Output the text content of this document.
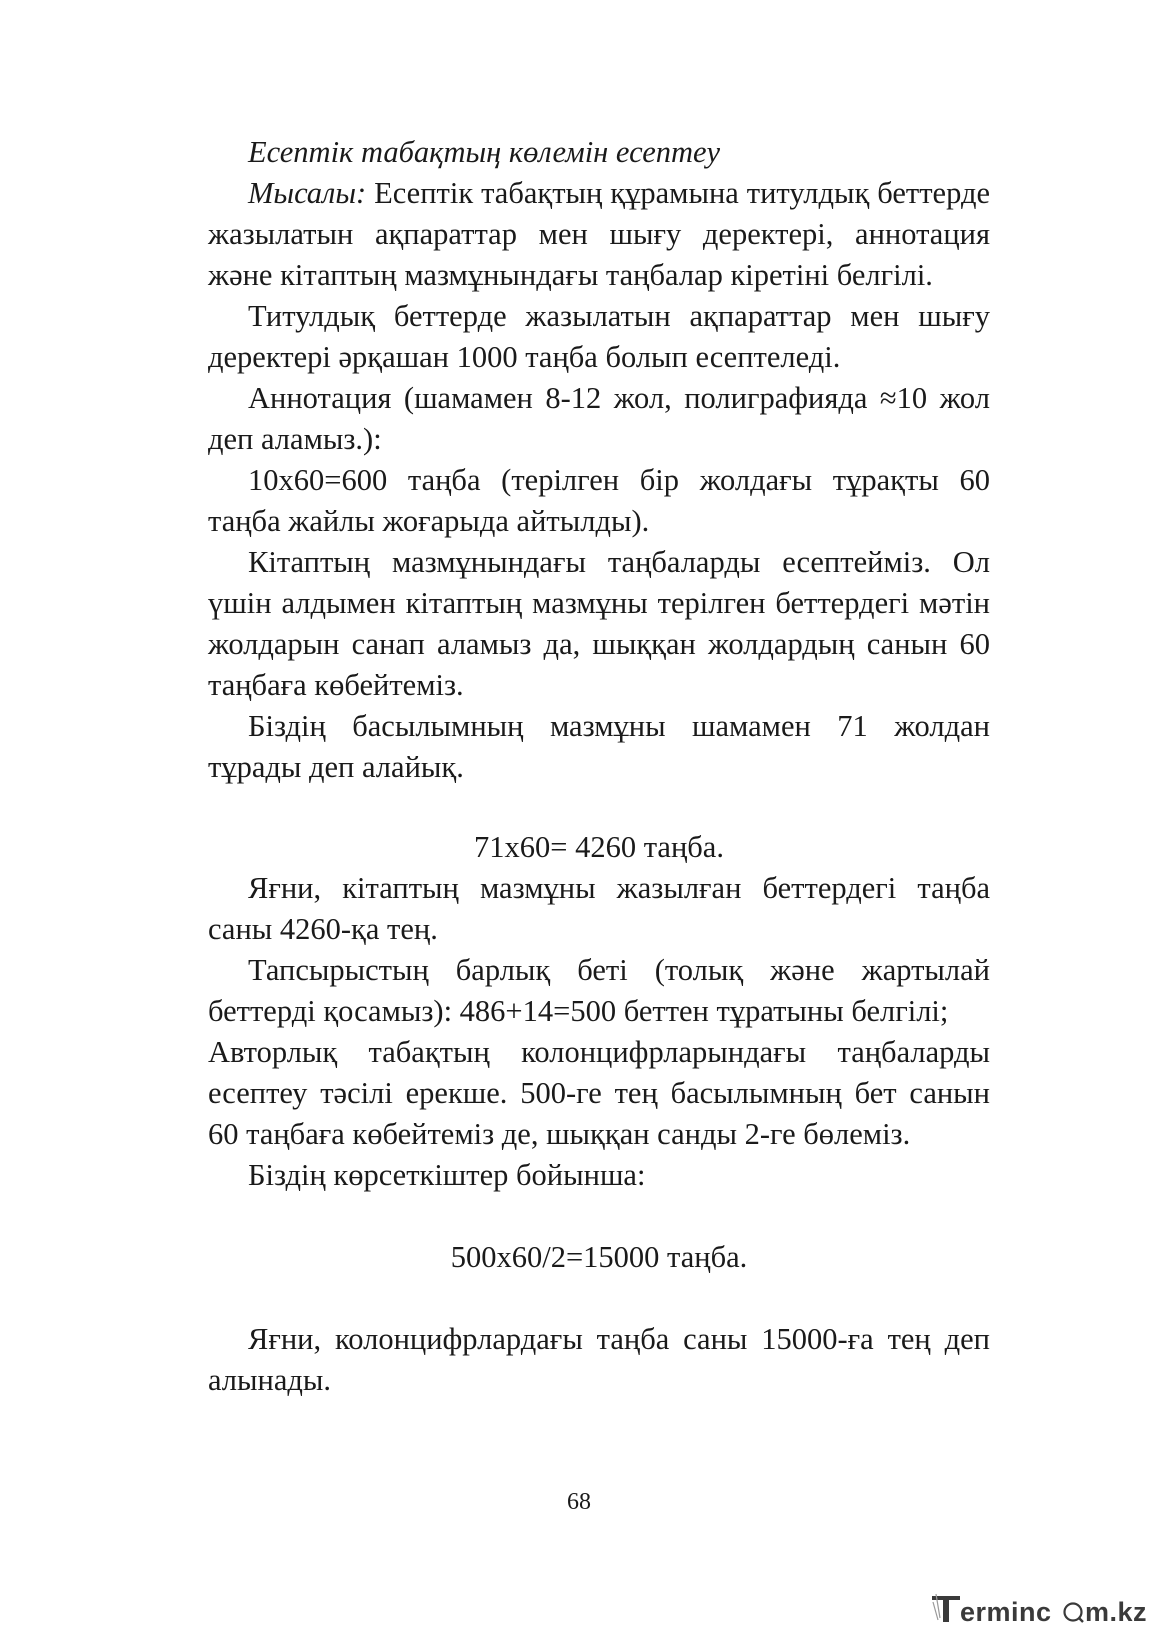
Есептік табақтың көлемін есептеу

Мысалы: Есептік табақтың құрамына титулдық беттерде жазылатын ақпараттар мен шығу деректері, аннотация және кітаптың мазмұнындағы таңбалар кіретіні белгілі.

Титулдық беттерде жазылатын ақпараттар мен шығу деректері әрқашан 1000 таңба болып есептеледі.

Аннотация (шамамен 8-12 жол, полиграфияда ≈10 жол деп аламыз.):

10х60=600 таңба (терілген бір жолдағы тұрақты 60 таңба жайлы жоғарыда айтылды).

Кітаптың мазмұнындағы таңбаларды есептейміз. Ол үшін алдымен кітаптың мазмұны терілген беттердегі мәтін жолдарын санап аламыз да, шыққан жолдардың санын 60 таңбаға көбейтеміз.

Біздің басылымның мазмұны шамамен 71 жолдан тұрады деп алайық.

71х60= 4260 таңба.

Яғни, кітаптың мазмұны жазылған беттердегі таңба саны 4260-қа тең.

Тапсырыстың барлық беті (толық және жартылай беттерді қосамыз): 486+14=500 беттен тұратыны белгілі;

Авторлық табақтың колонцифрларындағы таңбаларды есептеу тәсілі ерекше. 500-ге тең басылымның бет санын 60 таңбаға көбейтеміз де, шыққан санды 2-ге бөлеміз.

Біздің көрсеткіштер бойынша:

500х60/2=15000 таңба.

Яғни, колонцифрлардағы таңба саны 15000-ға тең деп алынады.

68
erminc m.kz
